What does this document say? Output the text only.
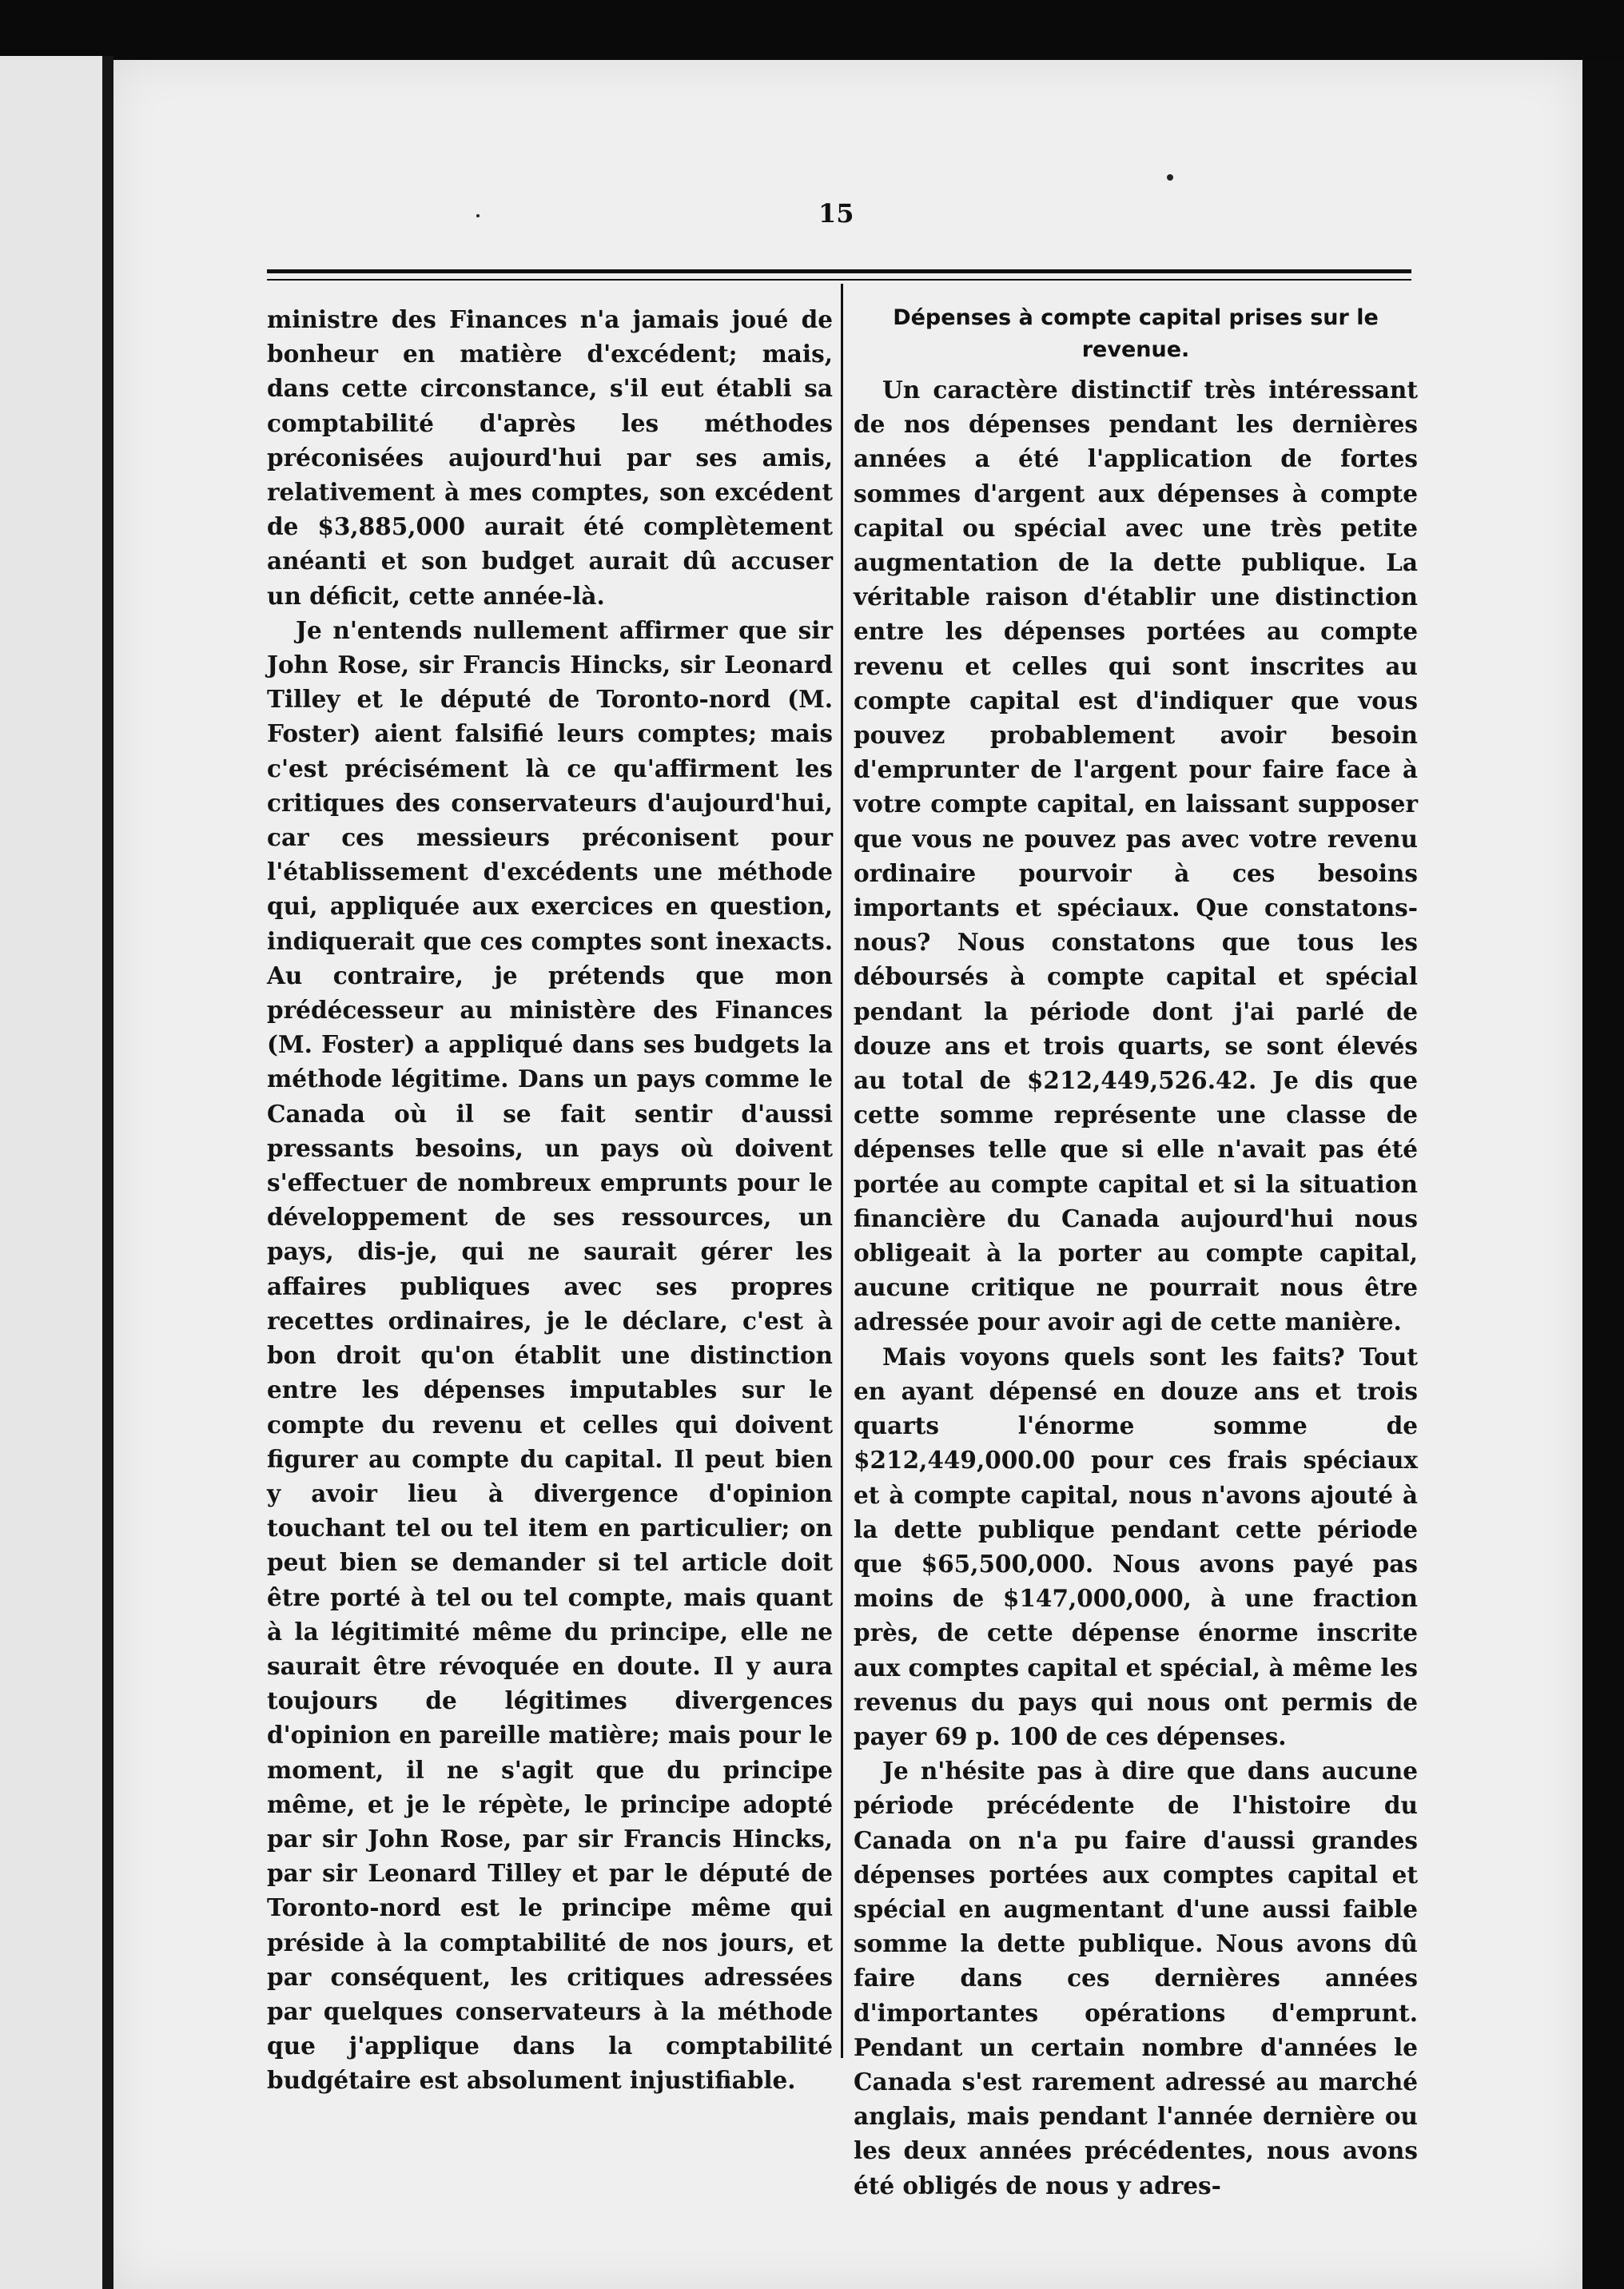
15

ministre des Finances n'a jamais joué de bonheur en matière d'excédent; mais, dans cette circonstance, s'il eut établi sa comptabilité d'après les méthodes préconisées aujourd'hui par ses amis, relativement à mes comptes, son excédent de $3,885,000 aurait été complètement anéanti et son budget aurait dû accuser un déficit, cette année-là.

Je n'entends nullement affirmer que sir John Rose, sir Francis Hincks, sir Leonard Tilley et le député de Toronto-nord (M. Foster) aient falsifié leurs comptes; mais c'est précisément là ce qu'affirment les critiques des conservateurs d'aujourd'hui, car ces messieurs préconisent pour l'établissement d'excédents une méthode qui, appliquée aux exercices en question, indiquerait que ces comptes sont inexacts. Au contraire, je prétends que mon prédécesseur au ministère des Finances (M. Foster) a appliqué dans ses budgets la méthode légitime. Dans un pays comme le Canada où il se fait sentir d'aussi pressants besoins, un pays où doivent s'effectuer de nombreux emprunts pour le développement de ses ressources, un pays, dis-je, qui ne saurait gérer les affaires publiques avec ses propres recettes ordinaires, je le déclare, c'est à bon droit qu'on établit une distinction entre les dépenses imputables sur le compte du revenu et celles qui doivent figurer au compte du capital. Il peut bien y avoir lieu à divergence d'opinion touchant tel ou tel item en particulier; on peut bien se demander si tel article doit être porté à tel ou tel compte, mais quant à la légitimité même du principe, elle ne saurait être révoquée en doute. Il y aura toujours de légitimes divergences d'opinion en pareille matière; mais pour le moment, il ne s'agit que du principe même, et je le répète, le principe adopté par sir John Rose, par sir Francis Hincks, par sir Leonard Tilley et par le député de Toronto-nord est le principe même qui préside à la comptabilité de nos jours, et par conséquent, les critiques adressées par quelques conservateurs à la méthode que j'applique dans la comptabilité budgétaire est absolument injustifiable.

Dépenses à compte capital prises sur le revenue.

Un caractère distinctif très intéressant de nos dépenses pendant les dernières années a été l'application de fortes sommes d'argent aux dépenses à compte capital ou spécial avec une très petite augmentation de la dette publique. La véritable raison d'établir une distinction entre les dépenses portées au compte revenu et celles qui sont inscrites au compte capital est d'indiquer que vous pouvez probablement avoir besoin d'emprunter de l'argent pour faire face à votre compte capital, en laissant supposer que vous ne pouvez pas avec votre revenu ordinaire pourvoir à ces besoins importants et spéciaux. Que constatons-nous? Nous constatons que tous les déboursés à compte capital et spécial pendant la période dont j'ai parlé de douze ans et trois quarts, se sont élevés au total de $212,449,526.42. Je dis que cette somme représente une classe de dépenses telle que si elle n'avait pas été portée au compte capital et si la situation financière du Canada aujourd'hui nous obligeait à la porter au compte capital, aucune critique ne pourrait nous être adressée pour avoir agi de cette manière.

Mais voyons quels sont les faits? Tout en ayant dépensé en douze ans et trois quarts l'énorme somme de $212,449,000.00 pour ces frais spéciaux et à compte capital, nous n'avons ajouté à la dette publique pendant cette période que $65,500,000. Nous avons payé pas moins de $147,000,000, à une fraction près, de cette dépense énorme inscrite aux comptes capital et spécial, à même les revenus du pays qui nous ont permis de payer 69 p. 100 de ces dépenses.

Je n'hésite pas à dire que dans aucune période précédente de l'histoire du Canada on n'a pu faire d'aussi grandes dépenses portées aux comptes capital et spécial en augmentant d'une aussi faible somme la dette publique. Nous avons dû faire dans ces dernières années d'importantes opérations d'emprunt. Pendant un certain nombre d'années le Canada s'est rarement adressé au marché anglais, mais pendant l'année dernière ou les deux années précédentes, nous avons été obligés de nous y adres-
